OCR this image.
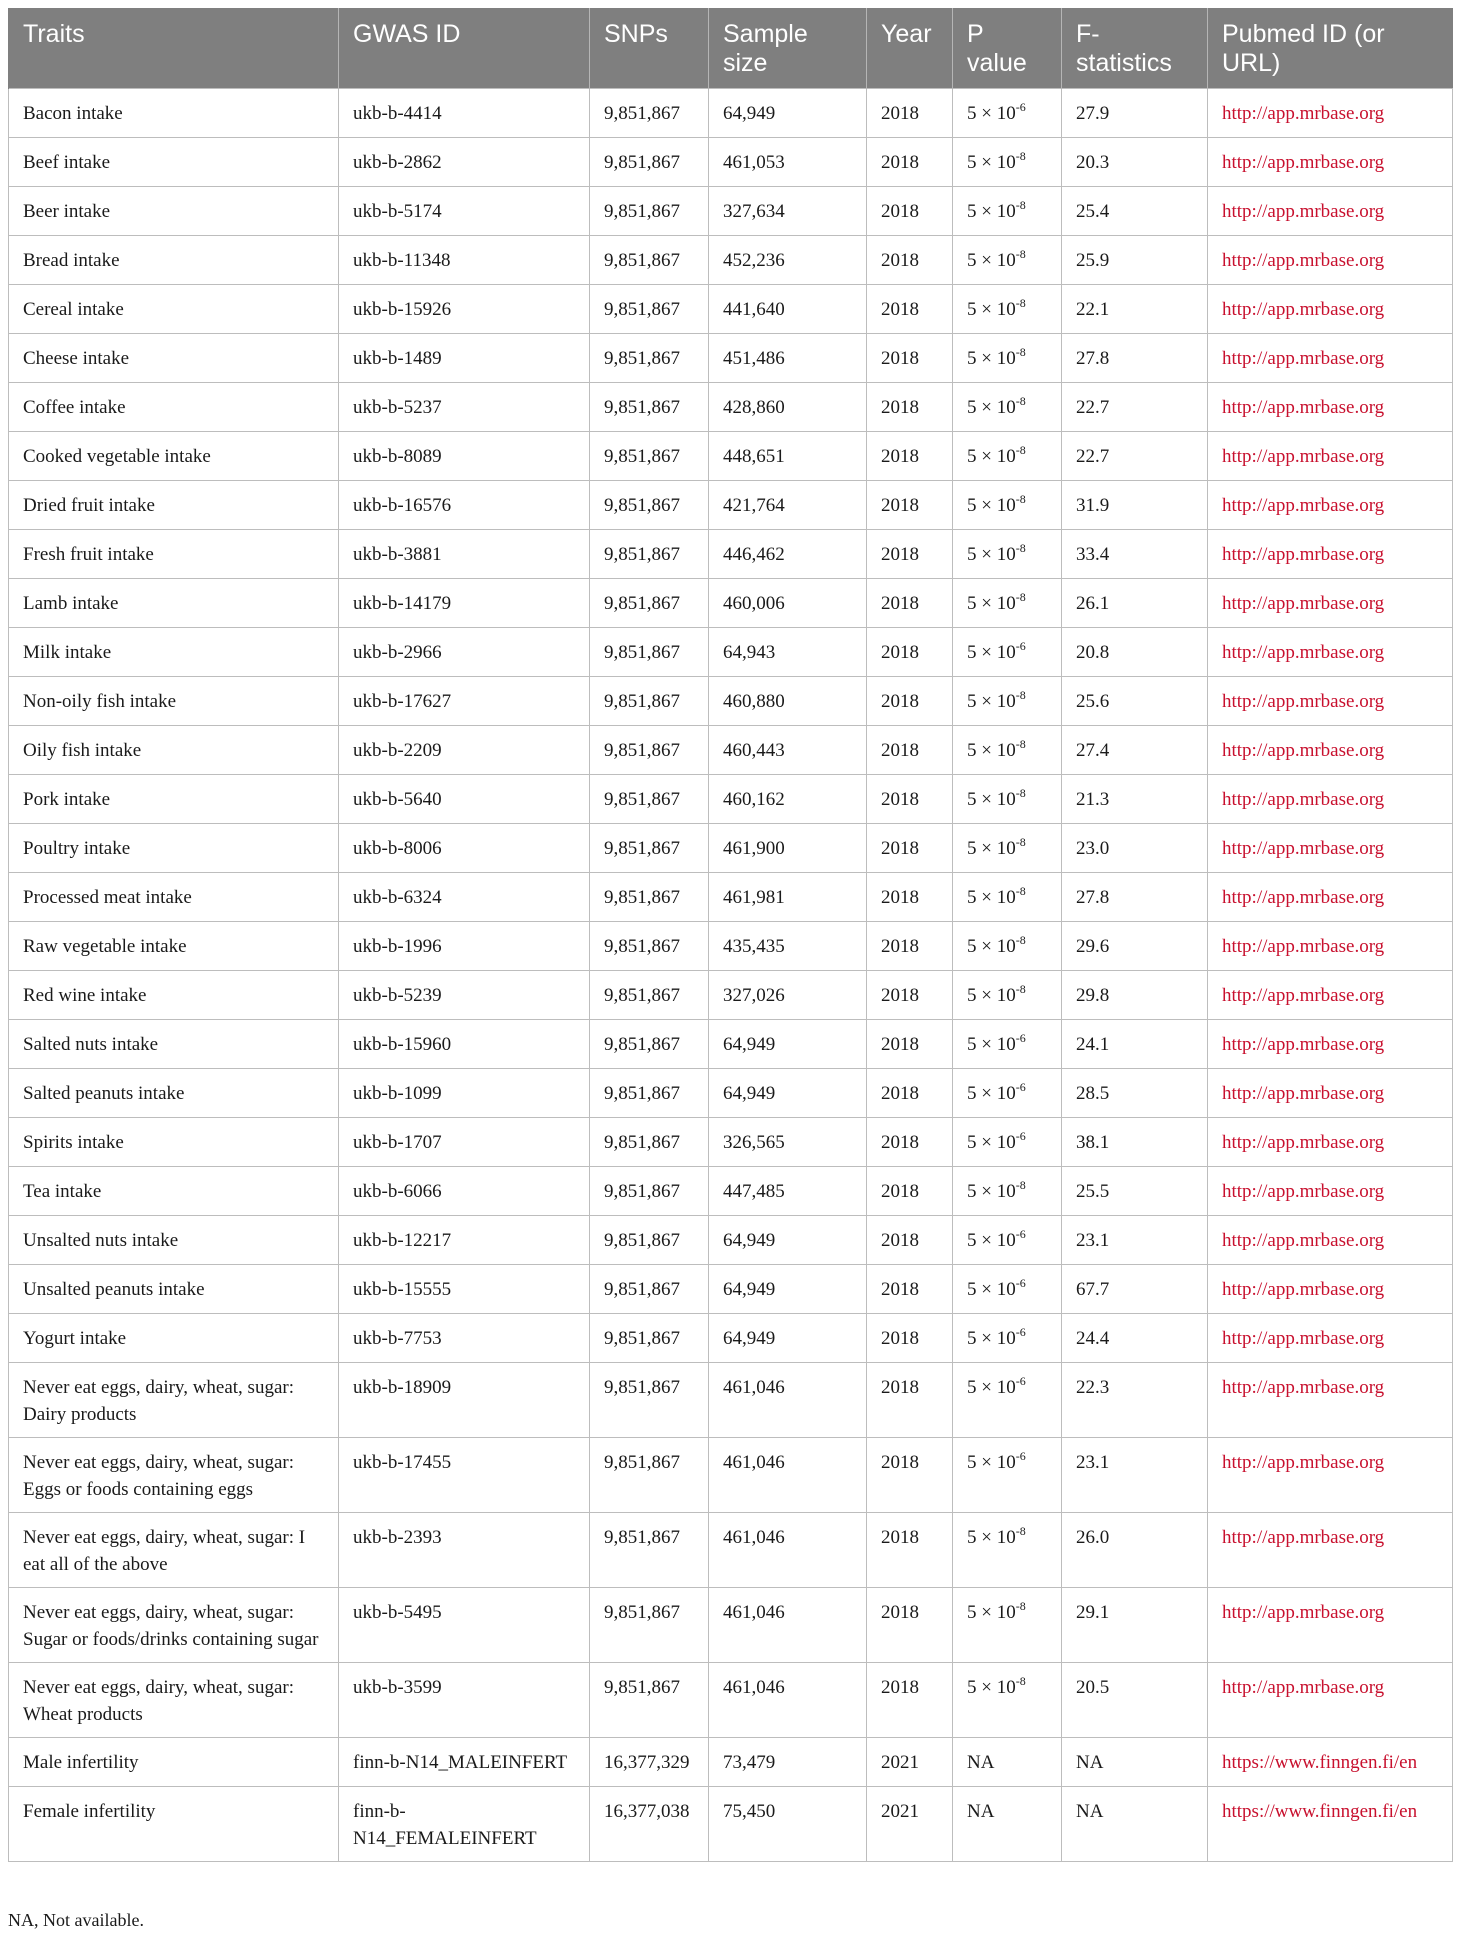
Traits	GWAS ID	SNPs	Sample size	Year	P value	F-statistics	Pubmed ID (or URL)
Bacon intake	ukb-b-4414	9,851,867	64,949	2018	$5 \times 10^{-6}$	27.9	http://app.mrbase.org
Beef intake	ukb-b-2862	9,851,867	461,053	2018	$5 \times 10^{-8}$	20.3	http://app.mrbase.org
Beer intake	ukb-b-5174	9,851,867	327,634	2018	$5 \times 10^{-8}$	25.4	http://app.mrbase.org
Bread intake	ukb-b-11348	9,851,867	452,236	2018	$5 \times 10^{-8}$	25.9	http://app.mrbase.org
Cereal intake	ukb-b-15926	9,851,867	441,640	2018	$5 \times 10^{-8}$	22.1	http://app.mrbase.org
Cheese intake	ukb-b-1489	9,851,867	451,486	2018	$5 \times 10^{-8}$	27.8	http://app.mrbase.org
Coffee intake	ukb-b-5237	9,851,867	428,860	2018	$5 \times 10^{-8}$	22.7	http://app.mrbase.org
Cooked vegetable intake	ukb-b-8089	9,851,867	448,651	2018	$5 \times 10^{-8}$	22.7	http://app.mrbase.org
Dried fruit intake	ukb-b-16576	9,851,867	421,764	2018	$5 \times 10^{-8}$	31.9	http://app.mrbase.org
Fresh fruit intake	ukb-b-3881	9,851,867	446,462	2018	$5 \times 10^{-8}$	33.4	http://app.mrbase.org
Lamb intake	ukb-b-14179	9,851,867	460,006	2018	$5 \times 10^{-8}$	26.1	http://app.mrbase.org
Milk intake	ukb-b-2966	9,851,867	64,943	2018	$5 \times 10^{-6}$	20.8	http://app.mrbase.org
Non-oily fish intake	ukb-b-17627	9,851,867	460,880	2018	$5 \times 10^{-8}$	25.6	http://app.mrbase.org
Oily fish intake	ukb-b-2209	9,851,867	460,443	2018	$5 \times 10^{-8}$	27.4	http://app.mrbase.org
Pork intake	ukb-b-5640	9,851,867	460,162	2018	$5 \times 10^{-8}$	21.3	http://app.mrbase.org
Poultry intake	ukb-b-8006	9,851,867	461,900	2018	$5 \times 10^{-8}$	23.0	http://app.mrbase.org
Processed meat intake	ukb-b-6324	9,851,867	461,981	2018	$5 \times 10^{-8}$	27.8	http://app.mrbase.org
Raw vegetable intake	ukb-b-1996	9,851,867	435,435	2018	$5 \times 10^{-8}$	29.6	http://app.mrbase.org
Red wine intake	ukb-b-5239	9,851,867	327,026	2018	$5 \times 10^{-8}$	29.8	http://app.mrbase.org
Salted nuts intake	ukb-b-15960	9,851,867	64,949	2018	$5 \times 10^{-6}$	24.1	http://app.mrbase.org
Salted peanuts intake	ukb-b-1099	9,851,867	64,949	2018	$5 \times 10^{-6}$	28.5	http://app.mrbase.org
Spirits intake	ukb-b-1707	9,851,867	326,565	2018	$5 \times 10^{-6}$	38.1	http://app.mrbase.org
Tea intake	ukb-b-6066	9,851,867	447,485	2018	$5 \times 10^{-8}$	25.5	http://app.mrbase.org
Unsalted nuts intake	ukb-b-12217	9,851,867	64,949	2018	$5 \times 10^{-6}$	23.1	http://app.mrbase.org
Unsalted peanuts intake	ukb-b-15555	9,851,867	64,949	2018	$5 \times 10^{-6}$	67.7	http://app.mrbase.org
Yogurt intake	ukb-b-7753	9,851,867	64,949	2018	$5 \times 10^{-6}$	24.4	http://app.mrbase.org
Never eat eggs, dairy, wheat, sugar: Dairy products	ukb-b-18909	9,851,867	461,046	2018	$5 \times 10^{-6}$	22.3	http://app.mrbase.org
Never eat eggs, dairy, wheat, sugar: Eggs or foods containing eggs	ukb-b-17455	9,851,867	461,046	2018	$5 \times 10^{-6}$	23.1	http://app.mrbase.org
Never eat eggs, dairy, wheat, sugar: I eat all of the above	ukb-b-2393	9,851,867	461,046	2018	$5 \times 10^{-8}$	26.0	http://app.mrbase.org
Never eat eggs, dairy, wheat, sugar: Sugar or foods/drinks containing sugar	ukb-b-5495	9,851,867	461,046	2018	$5 \times 10^{-8}$	29.1	http://app.mrbase.org
Never eat eggs, dairy, wheat, sugar: Wheat products	ukb-b-3599	9,851,867	461,046	2018	$5 \times 10^{-8}$	20.5	http://app.mrbase.org
Male infertility	finn-b-N14_MALEINFERT	16,377,329	73,479	2021	NA	NA	https://www.finngen.fi/en
Female infertility	finn-b-N14_FEMALEINFERT	16,377,038	75,450	2021	NA	NA	https://www.finngen.fi/en
NA, Not available.
